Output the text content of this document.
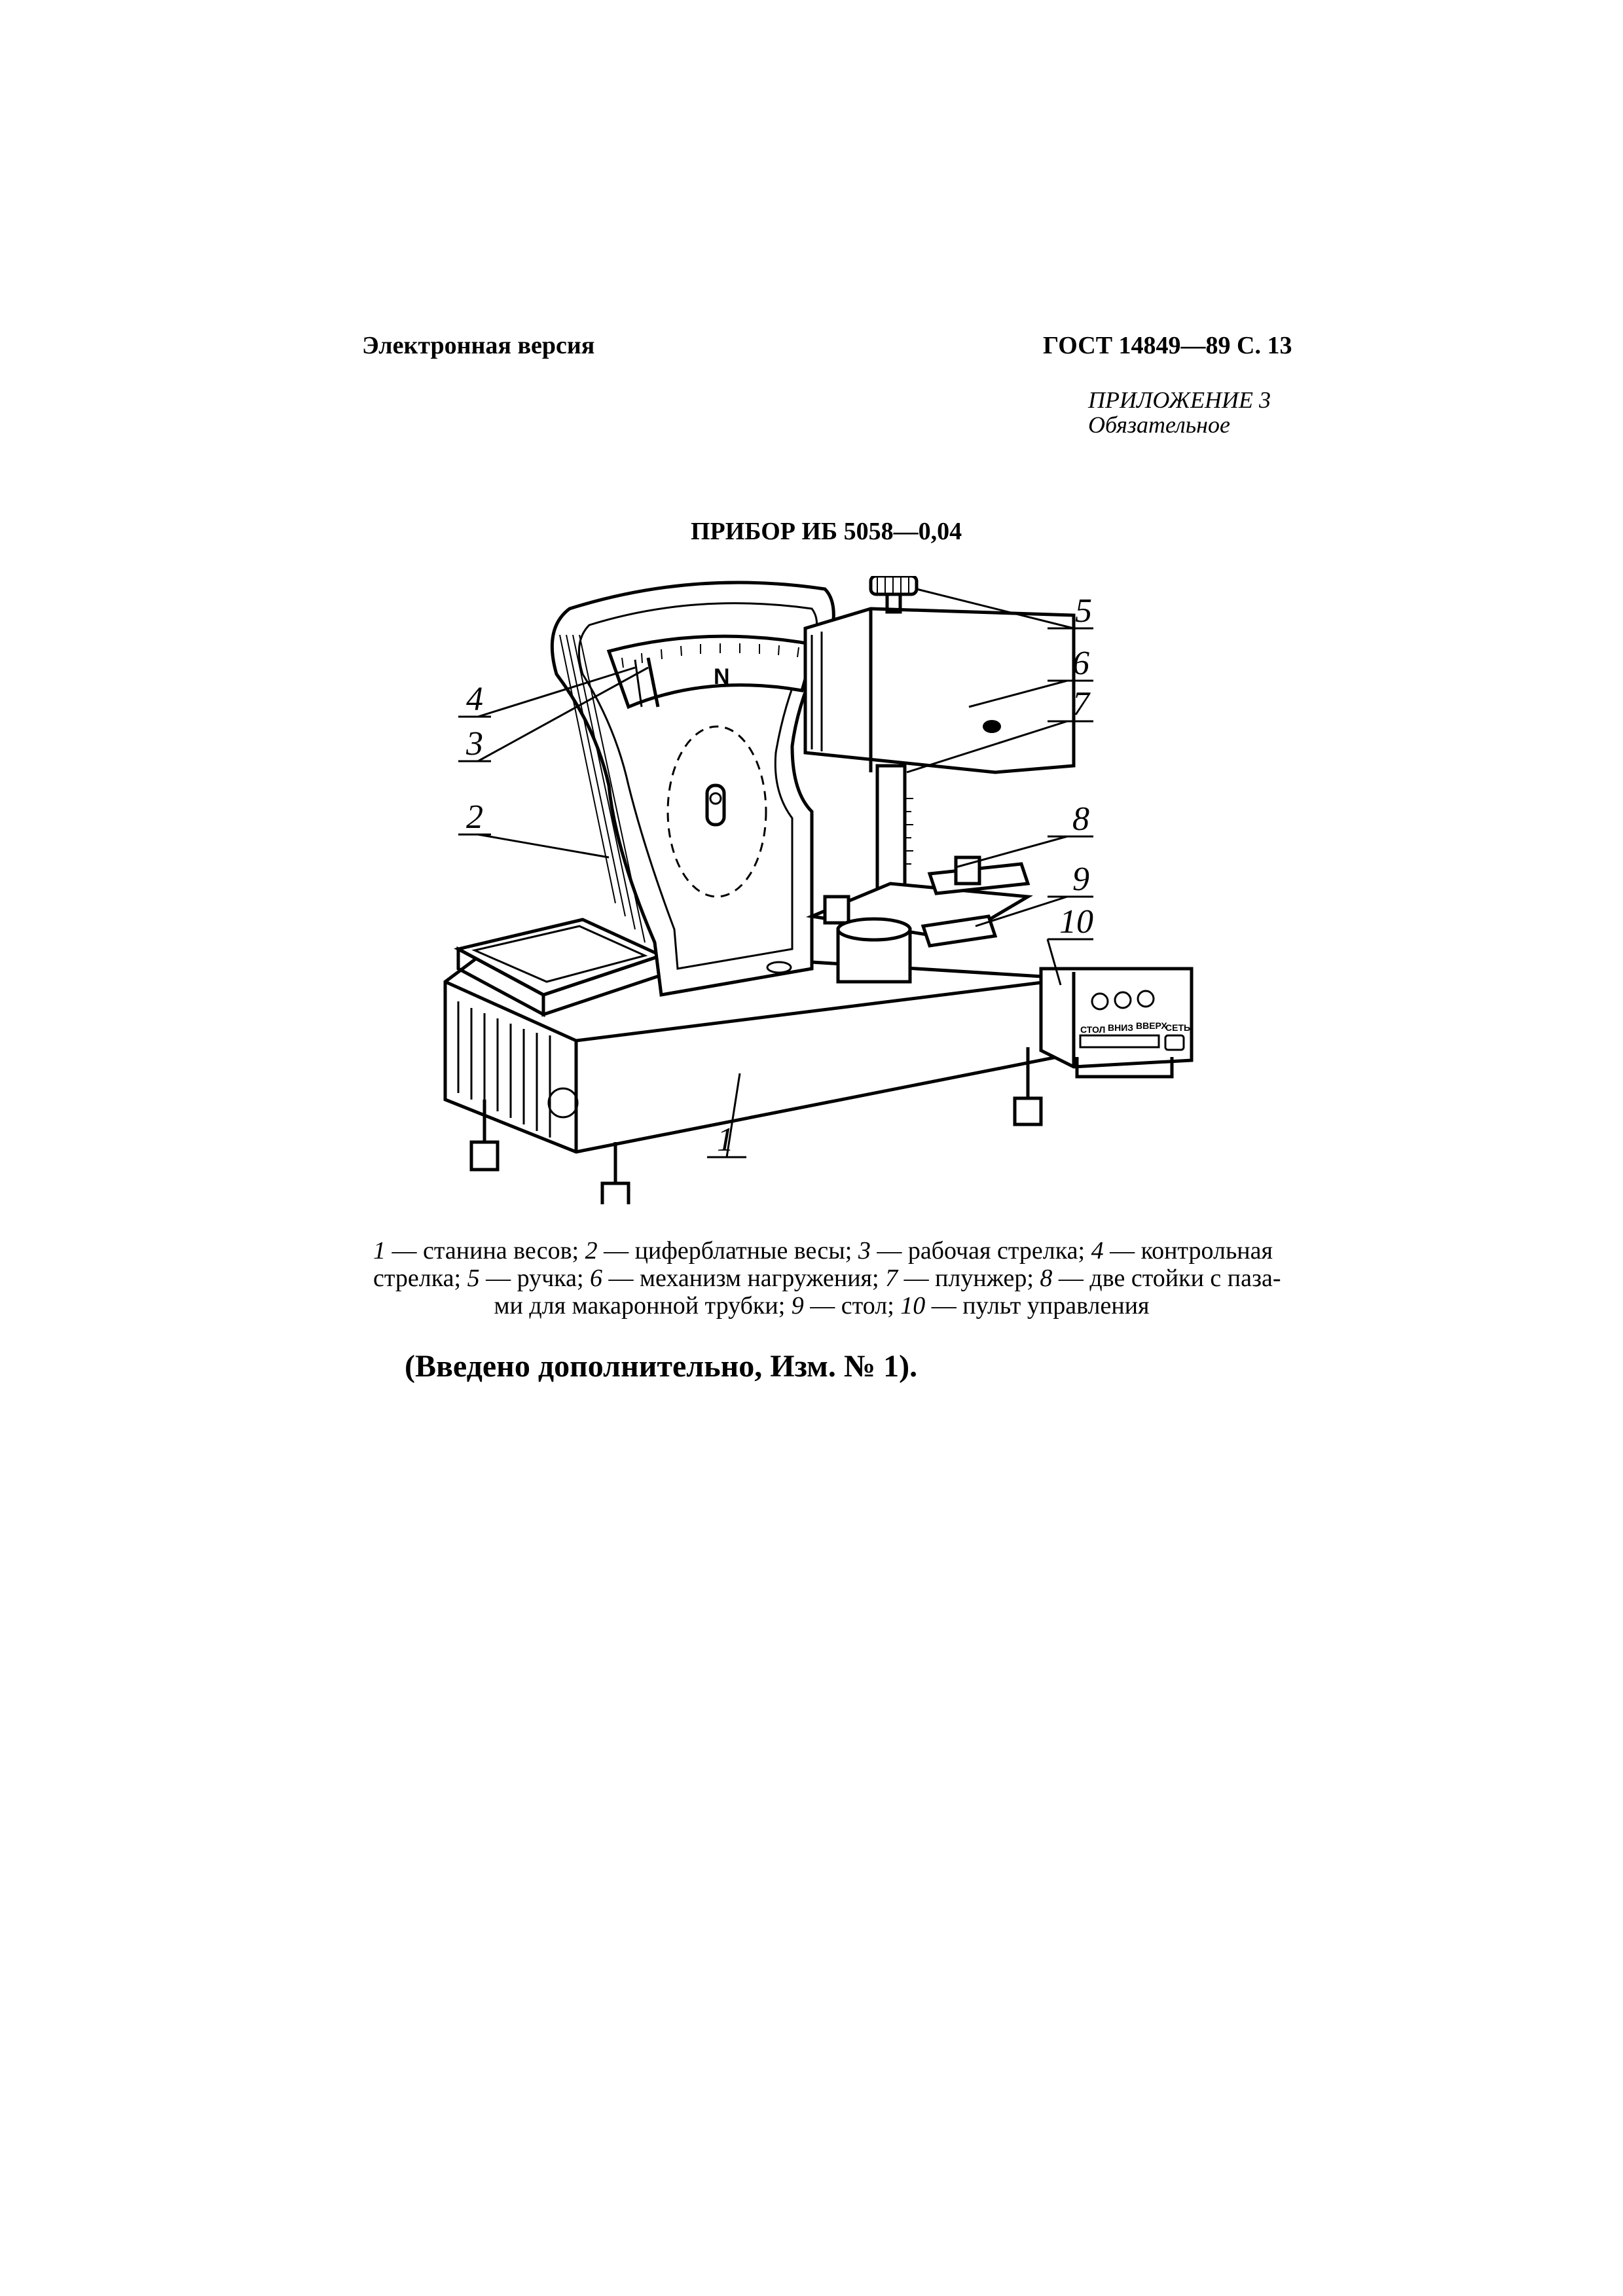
Электронная версия	ГОСТ 14849—89 С. 13
ПРИЛОЖЕНИЕ 3
Обязательное
ПРИБОР ИБ 5058—0,04
N
СТОЛ ВНИЗ ВВЕРХ
СЕТЬ
5
6
7
8
9
10
1
2
3
4
1 — станина весов; 2 — циферблатные весы; 3 — рабочая стрелка; 4 — контрольная
стрелка; 5 — ручка; 6 — механизм нагружения; 7 — плунжер; 8 — две стойки с пазa-
ми для макаронной трубки; 9 — стол; 10 — пульт управления
(Введено дополнительно, Изм. № 1).
